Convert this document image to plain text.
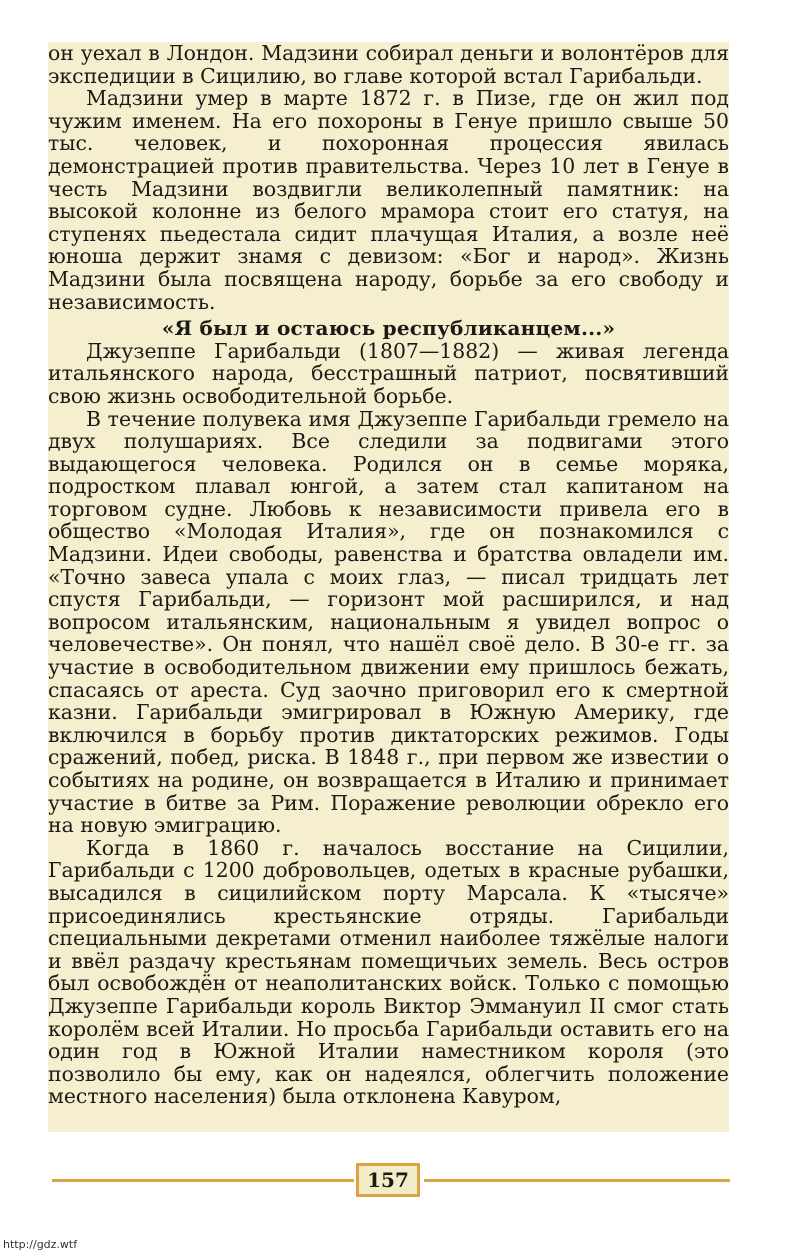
он уехал в Лондон. Мадзини собирал деньги и волонтёров для экспедиции в Сицилию, во главе которой встал Гарибальди.

Мадзини умер в марте 1872 г. в Пизе, где он жил под чужим именем. На его похороны в Генуе пришло свыше 50 тыс. человек, и похоронная процессия явилась демонстрацией против правительства. Через 10 лет в Генуе в честь Мадзини воздвигли великолепный памятник: на высокой колонне из белого мрамора стоит его статуя, на ступенях пьедестала сидит плачущая Италия, а возле неё юноша держит знамя с девизом: «Бог и народ». Жизнь Мадзини была посвящена народу, борьбе за его свободу и независимость.

«Я был и остаюсь республиканцем...»

Джузеппе Гарибальди (1807—1882) — живая легенда итальянского народа, бесстрашный патриот, посвятивший свою жизнь освободительной борьбе.

В течение полувека имя Джузеппе Гарибальди гремело на двух полушариях. Все следили за подвигами этого выдающегося человека. Родился он в семье моряка, подростком плавал юнгой, а затем стал капитаном на торговом судне. Любовь к независимости привела его в общество «Молодая Италия», где он познакомился с Мадзини. Идеи свободы, равенства и братства овладели им. «Точно завеса упала с моих глаз, — писал тридцать лет спустя Гарибальди, — горизонт мой расширился, и над вопросом итальянским, национальным я увидел вопрос о человечестве». Он понял, что нашёл своё дело. В 30-е гг. за участие в освободительном движении ему пришлось бежать, спасаясь от ареста. Суд заочно приговорил его к смертной казни. Гарибальди эмигрировал в Южную Америку, где включился в борьбу против диктаторских режимов. Годы сражений, побед, риска. В 1848 г., при первом же известии о событиях на родине, он возвращается в Италию и принимает участие в битве за Рим. Поражение революции обрекло его на новую эмиграцию.

Когда в 1860 г. началось восстание на Сицилии, Гарибальди с 1200 добровольцев, одетых в красные рубашки, высадился в сицилийском порту Марсала. К «тысяче» присоединялись крестьянские отряды. Гарибальди специальными декретами отменил наиболее тяжёлые налоги и ввёл раздачу крестьянам помещичьих земель. Весь остров был освобождён от неаполитанских войск. Только с помощью Джузеппе Гарибальди король Виктор Эммануил II смог стать королём всей Италии. Но просьба Гарибальди оставить его на один год в Южной Италии наместником короля (это позволило бы ему, как он надеялся, облегчить положение местного населения) была отклонена Кавуром,

157
http://gdz.wtf
